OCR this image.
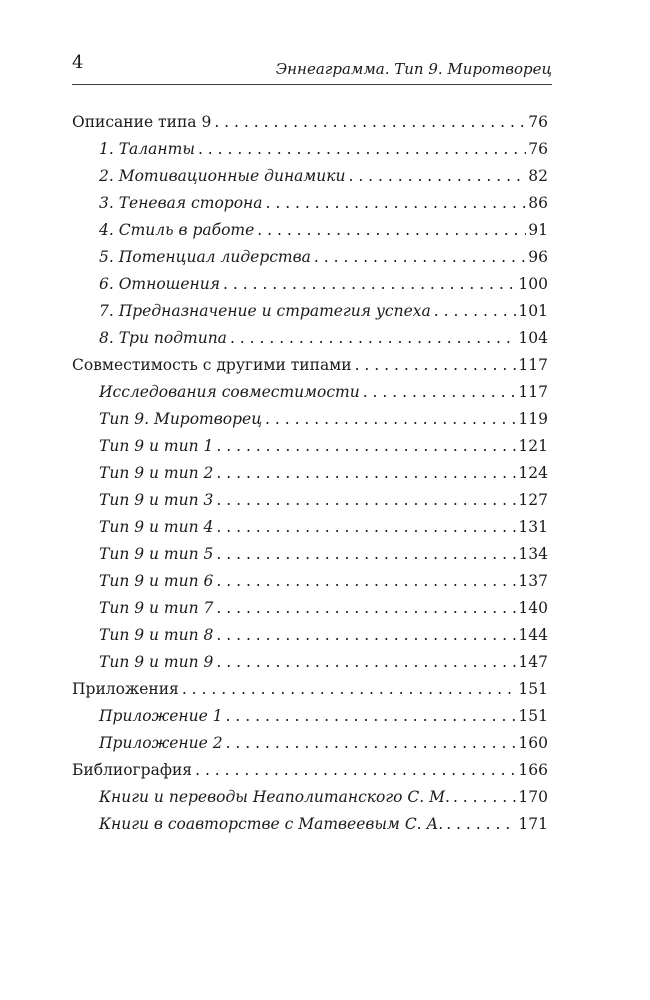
4	Эннеаграмма. Тип 9. Миротворец
Описание типа 9 . . .	76
1. Таланты . . .	76
2. Мотивационные динамики . . .	82
3. Теневая сторона . . .	86
4. Стиль в работе . . .	91
5. Потенциал лидерства . . .	96
6. Отношения . . .	100
7. Предназначение и стратегия успеха . . .	101
8. Три подтипа . . .	104
Совместимость с другими типами . . .	117
Исследования совместимости . . .	117
Тип 9. Миротворец . . .	119
Тип 9 и тип 1 . . .	121
Тип 9 и тип 2 . . .	124
Тип 9 и тип 3 . . .	127
Тип 9 и тип 4 . . .	131
Тип 9 и тип 5 . . .	134
Тип 9 и тип 6 . . .	137
Тип 9 и тип 7 . . .	140
Тип 9 и тип 8 . . .	144
Тип 9 и тип 9 . . .	147
Приложения . . .	151
Приложение 1 . . .	151
Приложение 2 . . .	160
Библиография . . .	166
Книги и переводы Неаполитанского С. М. . . .	170
Книги в соавторстве с Матвеевым С. А. . . .	171
